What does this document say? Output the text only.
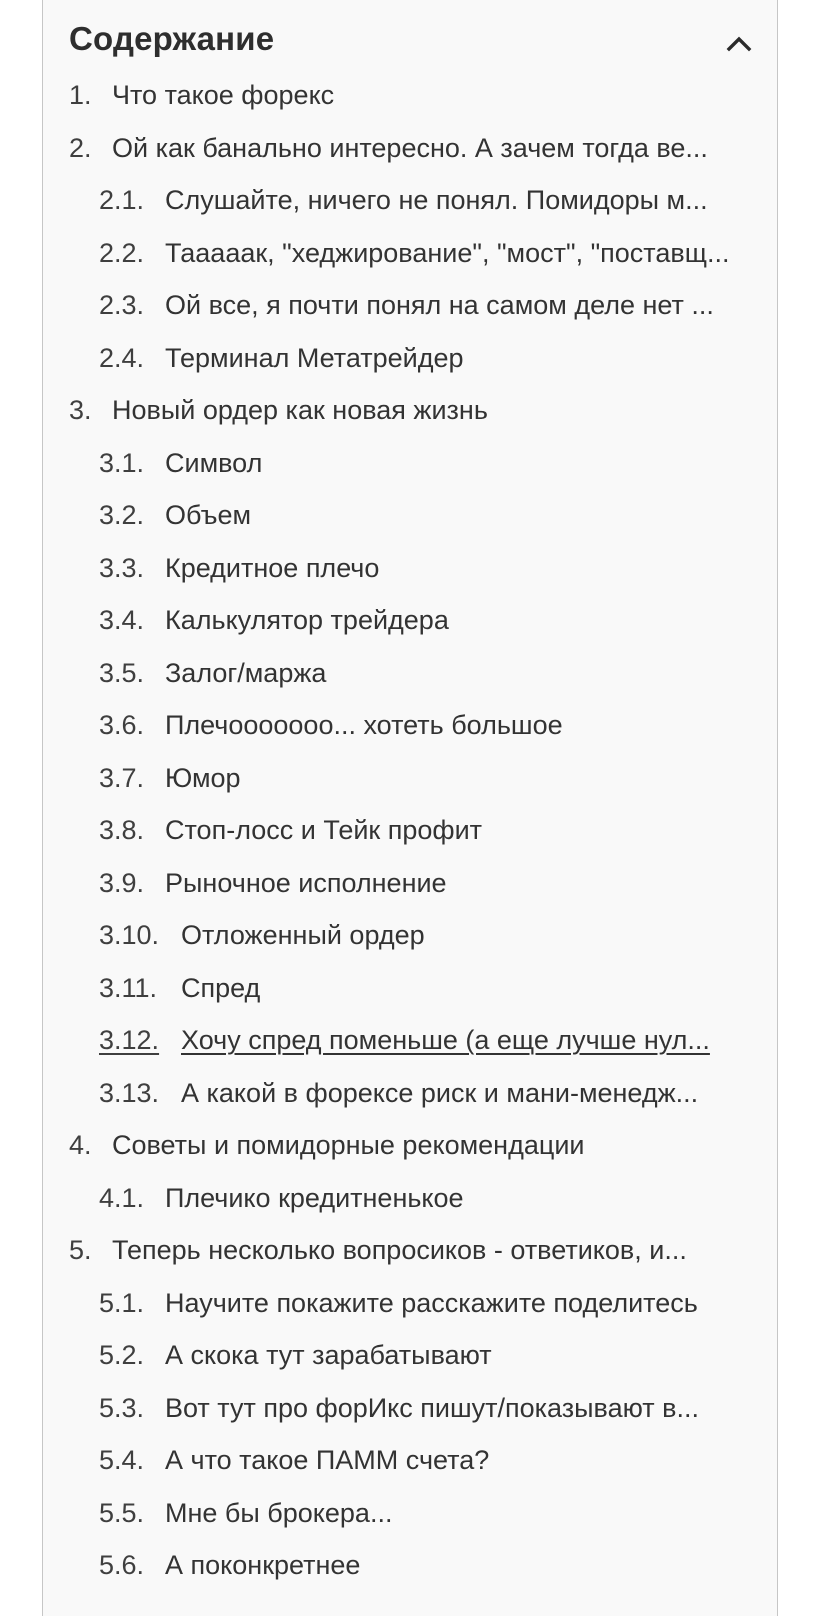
Содержание
1. Что такое форекс
2. Ой как банально интересно. А зачем тогда ве...
2.1. Слушайте, ничего не понял. Помидоры м...
2.2. Тааааак, "хеджирование", "мост", "поставщ...
2.3. Ой все, я почти понял на самом деле нет ...
2.4. Терминал Метатрейдер
3. Новый ордер как новая жизнь
3.1. Символ
3.2. Объем
3.3. Кредитное плечо
3.4. Калькулятор трейдера
3.5. Залог/маржа
3.6. Плечооооооо... хотеть большое
3.7. Юмор
3.8. Стоп-лосс и Тейк профит
3.9. Рыночное исполнение
3.10. Отложенный ордер
3.11. Спред
3.12. Хочу спред поменьше (а еще лучше нул...
3.13. А какой в форексе риск и мани-менедж...
4. Советы и помидорные рекомендации
4.1. Плечико кредитненькое
5. Теперь несколько вопросиков - ответиков, и...
5.1. Научите покажите расскажите поделитесь
5.2. А скока тут зарабатывают
5.3. Вот тут про форИкс пишут/показывают в...
5.4. А что такое ПАММ счета?
5.5. Мне бы брокера...
5.6. А поконкретнее
